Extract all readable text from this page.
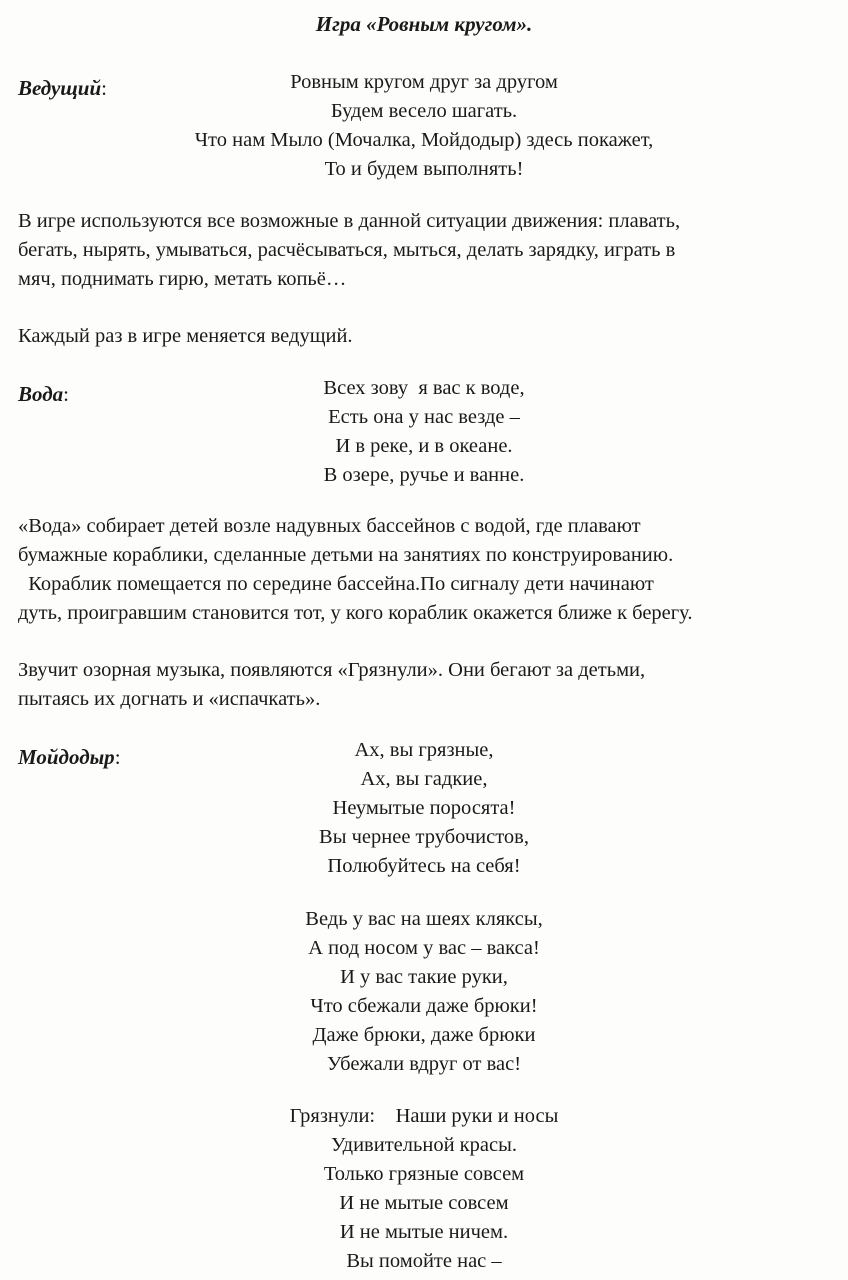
Игра «Ровным кругом».
Ведущий:	Ровным кругом друг за другом
Будем весело шагать.
Что нам Мыло (Мочалка, Мойдодыр) здесь покажет,
То и будем выполнять!
В игре используются все возможные в данной ситуации движения: плавать,
бегать, нырять, умываться, расчёсываться, мыться, делать зарядку, играть в
мяч, поднимать гирю, метать копьё…
Каждый раз в игре меняется ведущий.
Вода:	Всех зову  я вас к воде,
Есть она у нас везде –
И в реке, и в океане.
В озере, ручье и ванне.
«Вода» собирает детей возле надувных бассейнов с водой, где плавают
бумажные кораблики, сделанные детьми на занятиях по конструированию.
Кораблик помещается по середине бассейна.По сигналу дети начинают
дуть, проигравшим становится тот, у кого кораблик окажется ближе к берегу.
Звучит озорная музыка, появляются «Грязнули». Они бегают за детьми,
пытаясь их догнать и «испачкать».
Мойдодыр:	Ах, вы грязные,
Ах, вы гадкие,
Неумытые поросята!
Вы чернее трубочистов,
Полюбуйтесь на себя!
Ведь у вас на шеях кляксы,
А под носом у вас – вакса!
И у вас такие руки,
Что сбежали даже брюки!
Даже брюки, даже брюки
Убежали вдруг от вас!
Грязнули:    Наши руки и носы
Удивительной красы.
Только грязные совсем
И не мытые совсем
И не мытые ничем.
Вы помойте нас –
